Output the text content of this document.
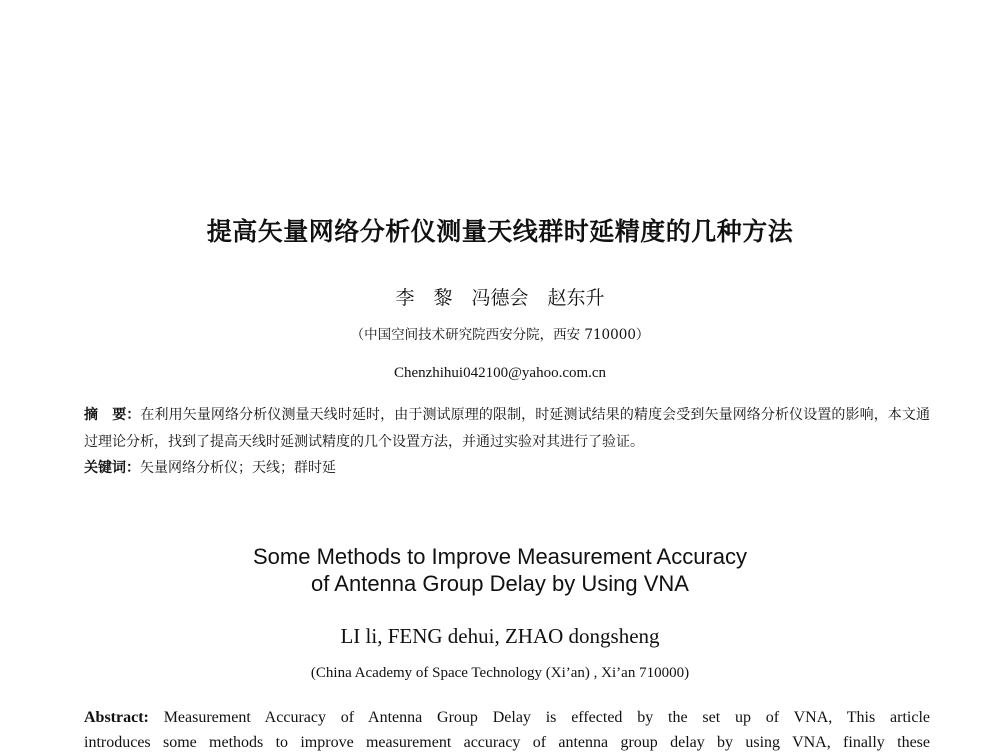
提高矢量网络分析仪测量天线群时延精度的几种方法
李　黎　冯德会　赵东升
（中国空间技术研究院西安分院，西安 710000）
Chenzhihui042100@yahoo.com.cn
摘　要：在利用矢量网络分析仪测量天线时延时，由于测试原理的限制，时延测试结果的精度会受到矢量网络分析仪设置的影响，本文通过理论分析，找到了提高天线时延测试精度的几个设置方法，并通过实验对其进行了验证。
关键词：矢量网络分析仪；天线；群时延
Some Methods to Improve Measurement Accuracy
of Antenna Group Delay by Using VNA
LI li, FENG dehui, ZHAO dongsheng
(China Academy of Space Technology (Xi’an) , Xi’an 710000)
Abstract: Measurement Accuracy of Antenna Group Delay is effected by the set up of VNA, This article
introduces some methods to improve measurement accuracy of antenna group delay by using VNA, finally these
